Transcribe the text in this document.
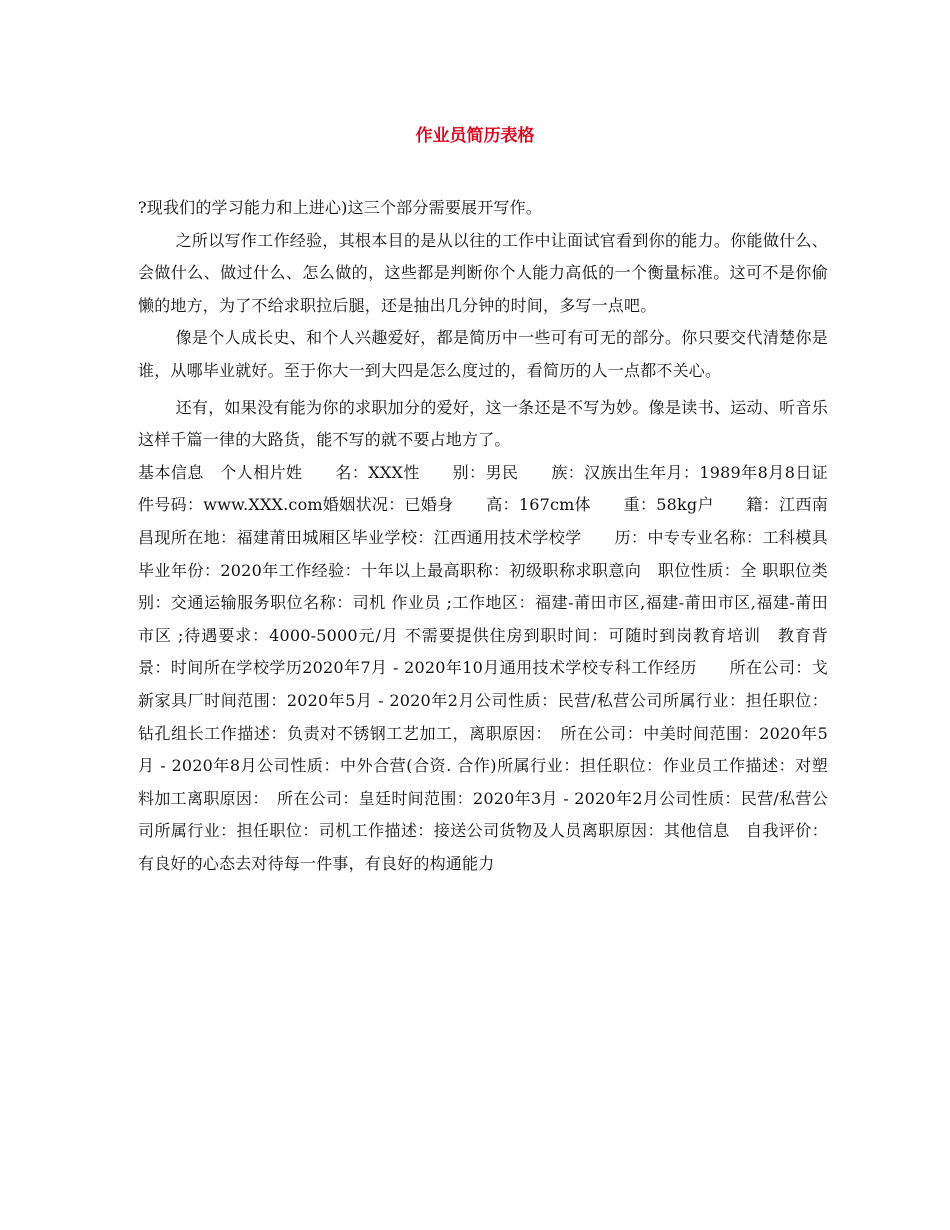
作业员简历表格

?现我们的学习能力和上进心)这三个部分需要展开写作。

之所以写作工作经验，其根本目的是从以往的工作中让面试官看到你的能力。你能做什么、会做什么、做过什么、怎么做的，这些都是判断你个人能力高低的一个衡量标准。这可不是你偷懒的地方，为了不给求职拉后腿，还是抽出几分钟的时间，多写一点吧。

像是个人成长史、和个人兴趣爱好，都是简历中一些可有可无的部分。你只要交代清楚你是谁，从哪毕业就好。至于你大一到大四是怎么度过的，看简历的人一点都不关心。

还有，如果没有能为你的求职加分的爱好，这一条还是不写为妙。像是读书、运动、听音乐这样千篇一律的大路货，能不写的就不要占地方了。

基本信息　个人相片姓　　名：XXX性　　别：男民　　族：汉族出生年月：1989年8月8日证件号码：www.XXX.com婚姻状况：已婚身　　高：167cm体　　重：58kg户　　籍：江西南昌现所在地：福建莆田城厢区毕业学校：江西通用技术学校学　　历：中专专业名称：工科模具毕业年份：2020年工作经验：十年以上最高职称：初级职称求职意向　职位性质：全 职职位类别：交通运输服务职位名称：司机 作业员 ;工作地区：福建-莆田市区,福建-莆田市区,福建-莆田市区 ;待遇要求：4000-5000元/月 不需要提供住房到职时间：可随时到岗教育培训　教育背景：时间所在学校学历2020年7月 - 2020年10月通用技术学校专科工作经历　　所在公司：戈新家具厂时间范围：2020年5月 - 2020年2月公司性质：民营/私营公司所属行业：担任职位：钻孔组长工作描述：负责对不锈钢工艺加工，离职原因：　所在公司：中美时间范围：2020年5月 - 2020年8月公司性质：中外合营(合资. 合作)所属行业：担任职位：作业员工作描述：对塑料加工离职原因：　所在公司：皇廷时间范围：2020年3月 - 2020年2月公司性质：民营/私营公司所属行业：担任职位：司机工作描述：接送公司货物及人员离职原因：其他信息　自我评价：有良好的心态去对待每一件事，有良好的构通能力
